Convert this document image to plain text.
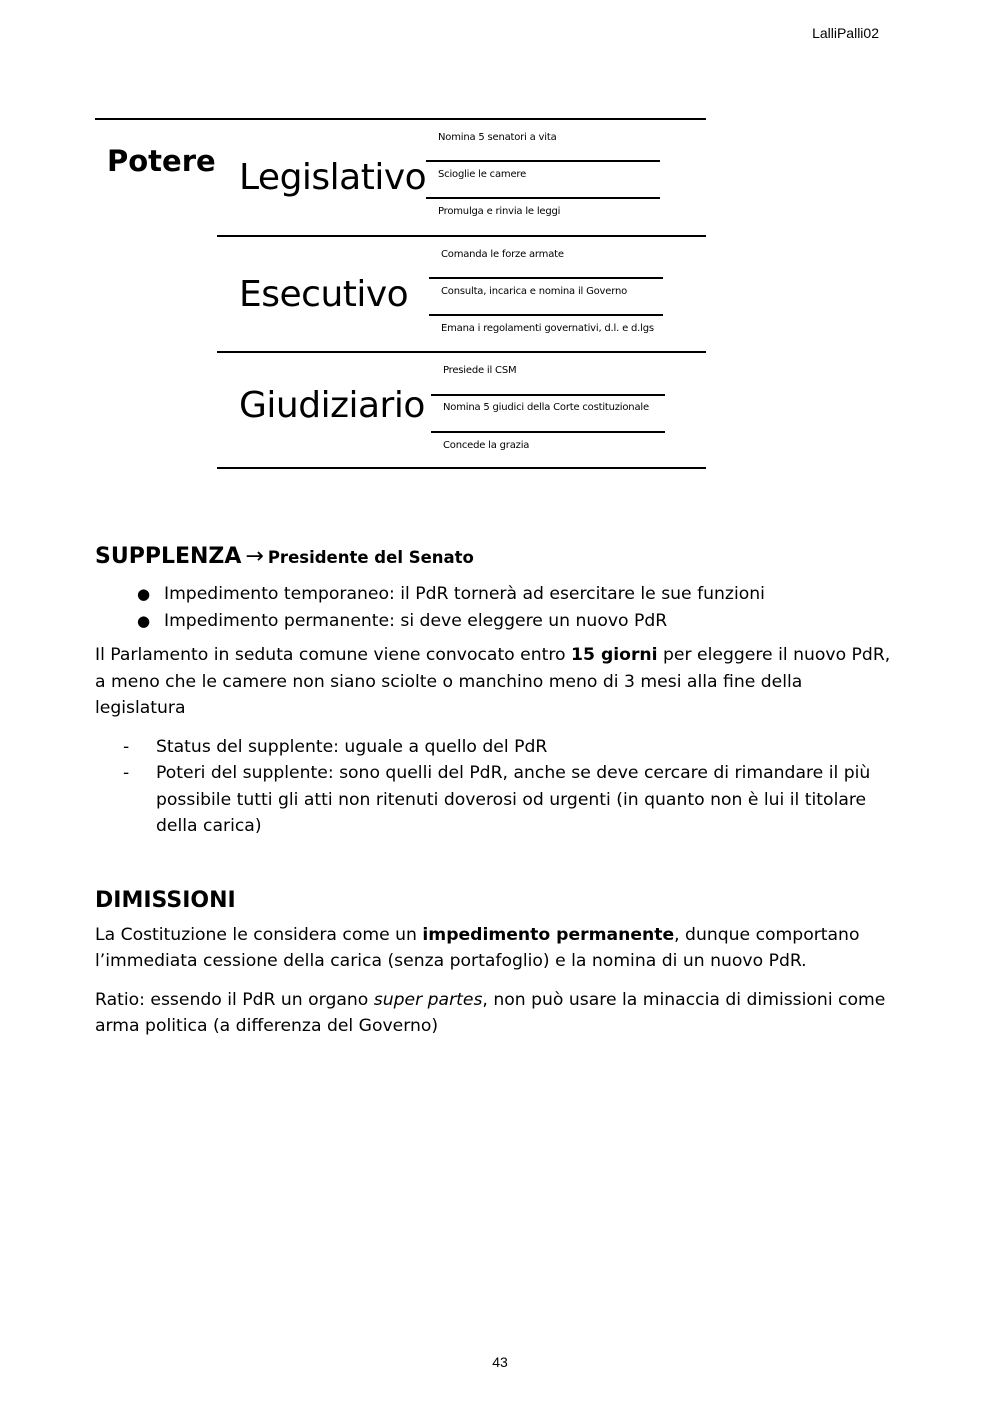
LalliPalli02
Potere Legislativo
Nomina 5 senatori a vita
Scioglie le camere
Promulga e rinvia le leggi
Esecutivo
Comanda le forze armate
Consulta, incarica e nomina il Governo
Emana i regolamenti governativi, d.l. e d.lgs
Giudiziario
Presiede il CSM
Nomina 5 giudici della Corte costituzionale
Concede la grazia
SUPPLENZA → Presidente del Senato
● Impedimento temporaneo: il PdR tornerà ad esercitare le sue funzioni
● Impedimento permanente: si deve eleggere un nuovo PdR

Il Parlamento in seduta comune viene convocato entro 15 giorni per eleggere il nuovo PdR, a meno che le camere non siano sciolte o manchino meno di 3 mesi alla fine della legislatura

- Status del supplente: uguale a quello del PdR
- Poteri del supplente: sono quelli del PdR, anche se deve cercare di rimandare il più possibile tutti gli atti non ritenuti doverosi od urgenti (in quanto non è lui il titolare della carica)
DIMISSIONI

La Costituzione le considera come un impedimento permanente, dunque comportano l’immediata cessione della carica (senza portafoglio) e la nomina di un nuovo PdR.

Ratio: essendo il PdR un organo super partes, non può usare la minaccia di dimissioni come arma politica (a differenza del Governo)

43
